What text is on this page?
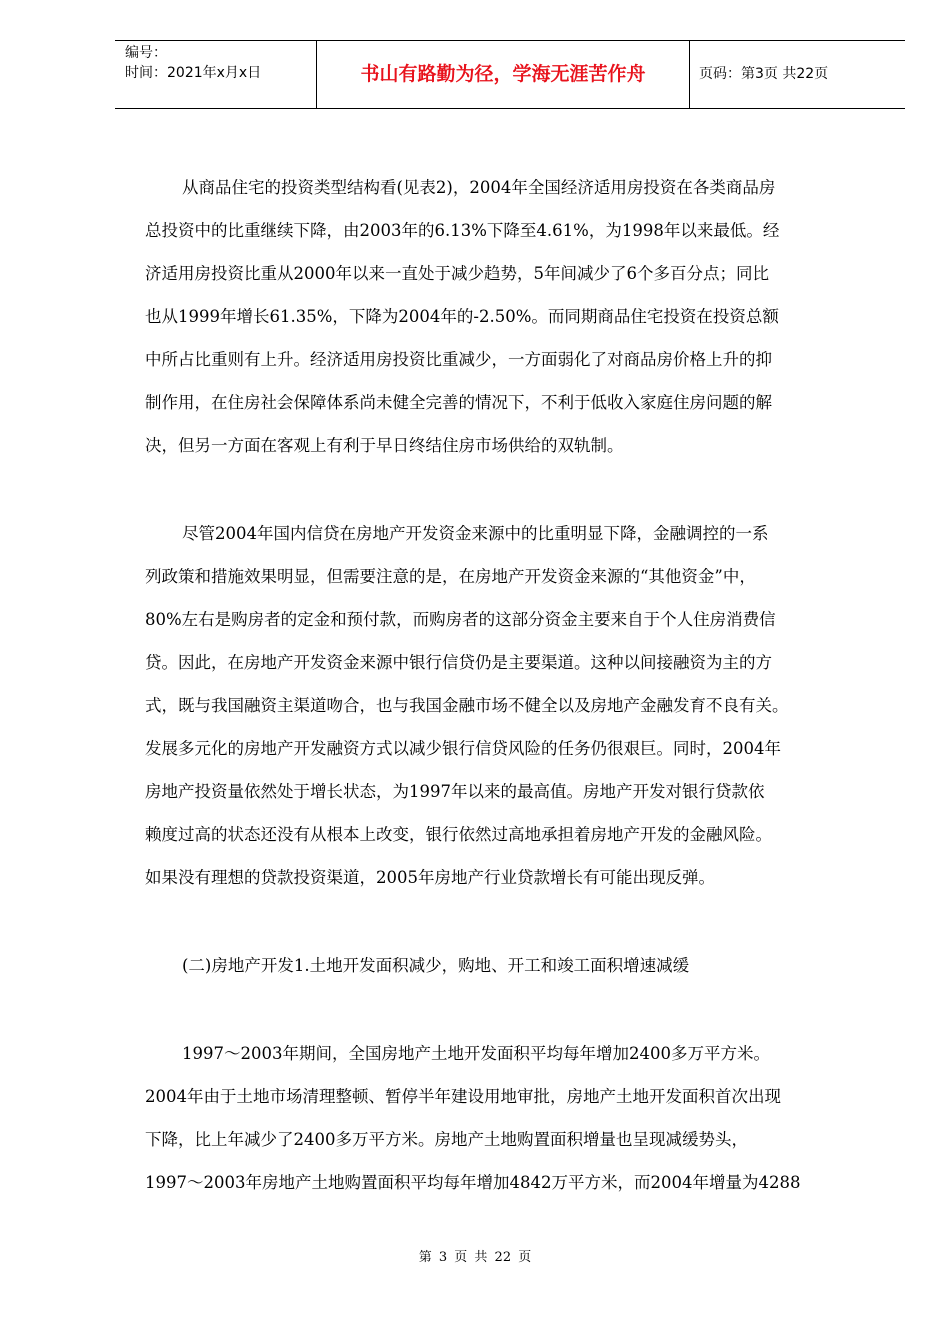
编号：
时间：2021年x月x日	书山有路勤为径，学海无涯苦作舟	页码：第3页 共22页
从商品住宅的投资类型结构看(见表2)，2004年全国经济适用房投资在各类商品房
总投资中的比重继续下降，由2003年的6.13%下降至4.61%，为1998年以来最低。经
济适用房投资比重从2000年以来一直处于减少趋势，5年间减少了6个多百分点；同比
也从1999年增长61.35%，下降为2004年的-2.50%。而同期商品住宅投资在投资总额
中所占比重则有上升。经济适用房投资比重减少，一方面弱化了对商品房价格上升的抑
制作用，在住房社会保障体系尚未健全完善的情况下，不利于低收入家庭住房问题的解
决，但另一方面在客观上有利于早日终结住房市场供给的双轨制。
尽管2004年国内信贷在房地产开发资金来源中的比重明显下降，金融调控的一系
列政策和措施效果明显，但需要注意的是，在房地产开发资金来源的“其他资金”中，
80%左右是购房者的定金和预付款，而购房者的这部分资金主要来自于个人住房消费信
贷。因此，在房地产开发资金来源中银行信贷仍是主要渠道。这种以间接融资为主的方
式，既与我国融资主渠道吻合，也与我国金融市场不健全以及房地产金融发育不良有关。
发展多元化的房地产开发融资方式以减少银行信贷风险的任务仍很艰巨。同时，2004年
房地产投资量依然处于增长状态，为1997年以来的最高值。房地产开发对银行贷款依
赖度过高的状态还没有从根本上改变，银行依然过高地承担着房地产开发的金融风险。
如果没有理想的贷款投资渠道，2005年房地产行业贷款增长有可能出现反弹。
(二)房地产开发1.土地开发面积减少，购地、开工和竣工面积增速减缓
1997～2003年期间，全国房地产土地开发面积平均每年增加2400多万平方米。
2004年由于土地市场清理整顿、暂停半年建设用地审批，房地产土地开发面积首次出现
下降，比上年减少了2400多万平方米。房地产土地购置面积增量也呈现减缓势头，
1997～2003年房地产土地购置面积平均每年增加4842万平方米，而2004年增量为4288
第 3 页 共 22 页
